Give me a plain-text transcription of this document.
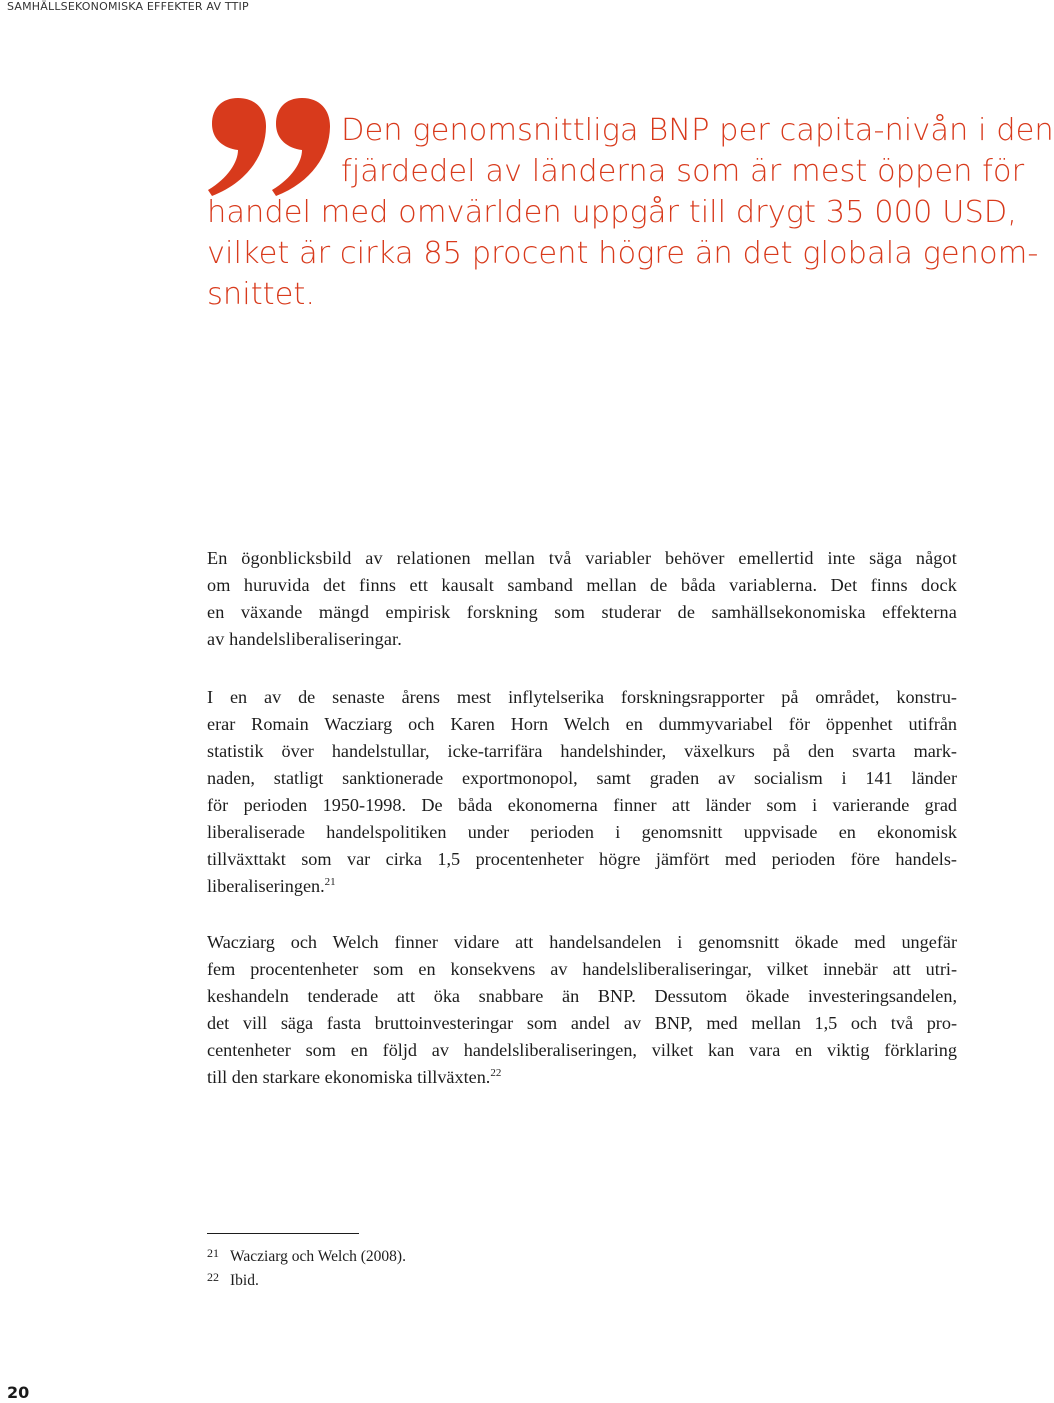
SAMHÄLLSEKONOMISKA EFFEKTER AV TTIP
Den genomsnittliga BNP per capita-nivån i den
fjärdedel av länderna som är mest öppen för
handel med omvärlden uppgår till drygt 35 000 USD,
vilket är cirka 85 procent högre än det globala genom-
snittet.
En ögonblicksbild av relationen mellan två variabler behöver emellertid inte säga något
om huruvida det finns ett kausalt samband mellan de båda variablerna. Det finns dock
en växande mängd empirisk forskning som studerar de samhällsekonomiska effekterna
av handelsliberaliseringar.
I en av de senaste årens mest inflytelserika forskningsrapporter på området, konstru-
erar Romain Wacziarg och Karen Horn Welch en dummyvariabel för öppenhet utifrån
statistik över handelstullar, icke-tarrifära handelshinder, växelkurs på den svarta mark-
naden, statligt sanktionerade exportmonopol, samt graden av socialism i 141 länder
för perioden 1950-1998. De båda ekonomerna finner att länder som i varierande grad
liberaliserade handelspolitiken under perioden i genomsnitt uppvisade en ekonomisk
tillväxttakt som var cirka 1,5 procentenheter högre jämfört med perioden före handels-
liberaliseringen.$^{21}$
Wacziarg och Welch finner vidare att handelsandelen i genomsnitt ökade med ungefär
fem procentenheter som en konsekvens av handelsliberaliseringar, vilket innebär att utri-
keshandeln tenderade att öka snabbare än BNP. Dessutom ökade investeringsandelen,
det vill säga fasta bruttoinvesteringar som andel av BNP, med mellan 1,5 och två pro-
centenheter som en följd av handelsliberaliseringen, vilket kan vara en viktig förklaring
till den starkare ekonomiska tillväxten.$^{22}$
21 Wacziarg och Welch (2008).
22 Ibid.
20
